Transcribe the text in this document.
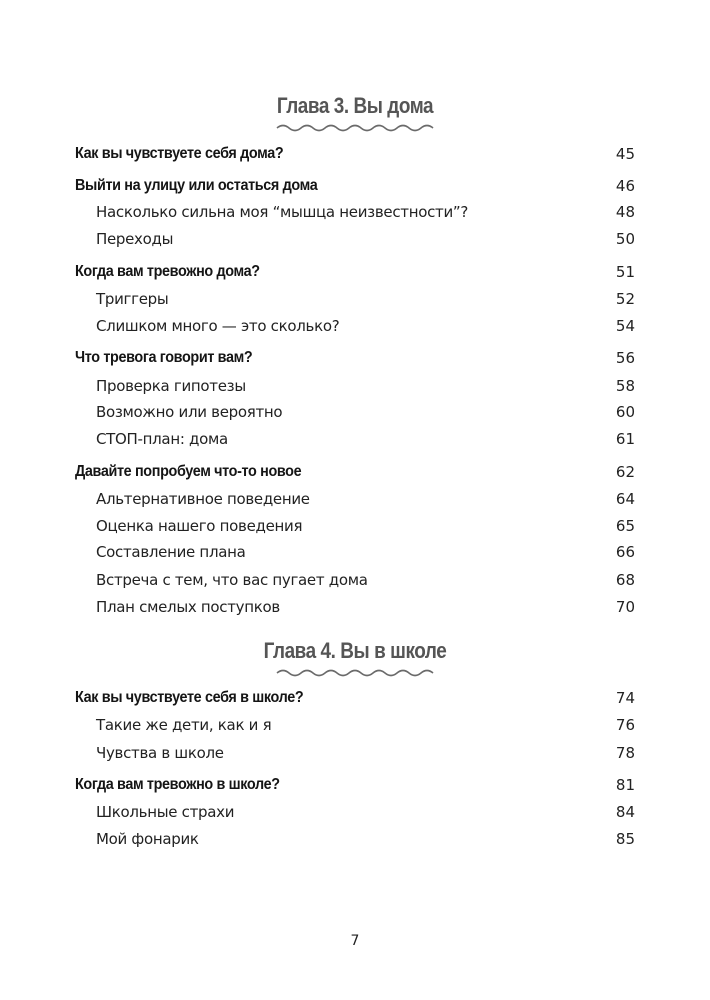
Глава 3. Вы дома
Как вы чувствуете себя дома?	45
Выйти на улицу или остаться дома	46
Насколько сильна моя “мышца неизвестности”?	48
Переходы	50
Когда вам тревожно дома?	51
Триггеры	52
Слишком много — это сколько?	54
Что тревога говорит вам?	56
Проверка гипотезы	58
Возможно или вероятно	60
СТОП-план: дома	61
Давайте попробуем что-то новое	62
Альтернативное поведение	64
Оценка нашего поведения	65
Составление плана	66
Встреча с тем, что вас пугает дома	68
План смелых поступков	70
Глава 4. Вы в школе
Как вы чувствуете себя в школе?	74
Такие же дети, как и я	76
Чувства в школе	78
Когда вам тревожно в школе?	81
Школьные страхи	84
Мой фонарик	85
7
